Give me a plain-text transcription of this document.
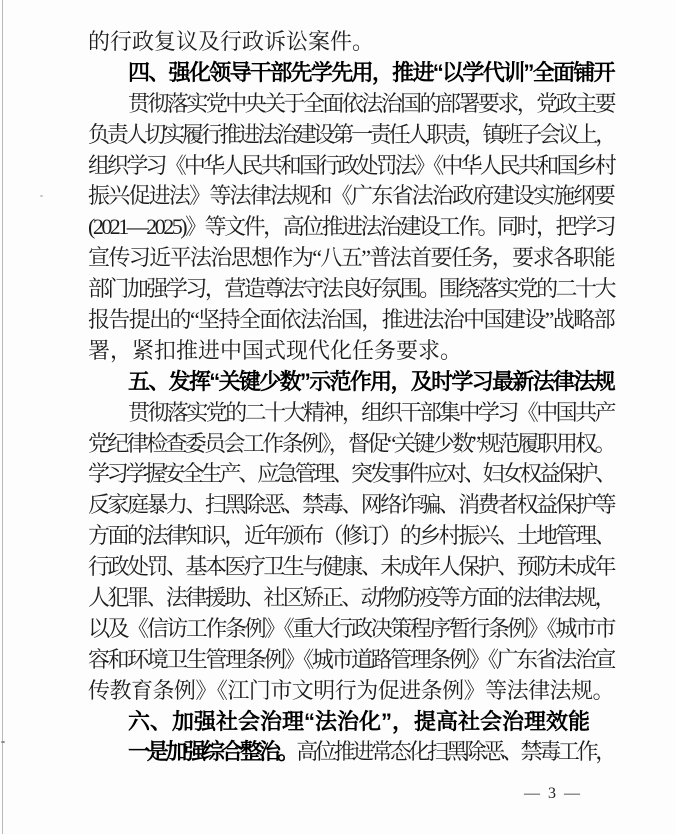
的行政复议及行政诉讼案件。
四、强化领导干部先学先用，推进“以学代训”全面铺开
贯彻落实党中央关于全面依法治国的部署要求，党政主要
负责人切实履行推进法治建设第一责任人职责，镇班子会议上，
组织学习《中华人民共和国行政处罚法》《中华人民共和国乡村
振兴促进法》等法律法规和《广东省法治政府建设实施纲要
(2021—2025)》等文件，高位推进法治建设工作。同时，把学习
宣传习近平法治思想作为“八五”普法首要任务，要求各职能
部门加强学习，营造尊法守法良好氛围。围绕落实党的二十大
报告提出的“坚持全面依法治国，推进法治中国建设”战略部
署，紧扣推进中国式现代化任务要求。
五、发挥“关键少数”示范作用，及时学习最新法律法规
贯彻落实党的二十大精神，组织干部集中学习《中国共产
党纪律检查委员会工作条例》，督促“关键少数”规范履职用权。
学习学握安全生产、应急管理、突发事件应对、妇女权益保护、
反家庭暴力、扫黑除恶、禁毒、网络诈骗、消费者权益保护等
方面的法律知识，近年颁布（修订）的乡村振兴、土地管理、
行政处罚、基本医疗卫生与健康、未成年人保护、预防未成年
人犯罪、法律援助、社区矫正、动物防疫等方面的法律法规，
以及《信访工作条例》《重大行政决策程序暂行条例》《城市市
容和环境卫生管理条例》《城市道路管理条例》《广东省法治宣
传教育条例》《江门市文明行为促进条例》等法律法规。
六、加强社会治理“法治化”，提高社会治理效能
一是加强综合整治。高位推进常态化扫黑除恶、禁毒工作，
— 3 —
